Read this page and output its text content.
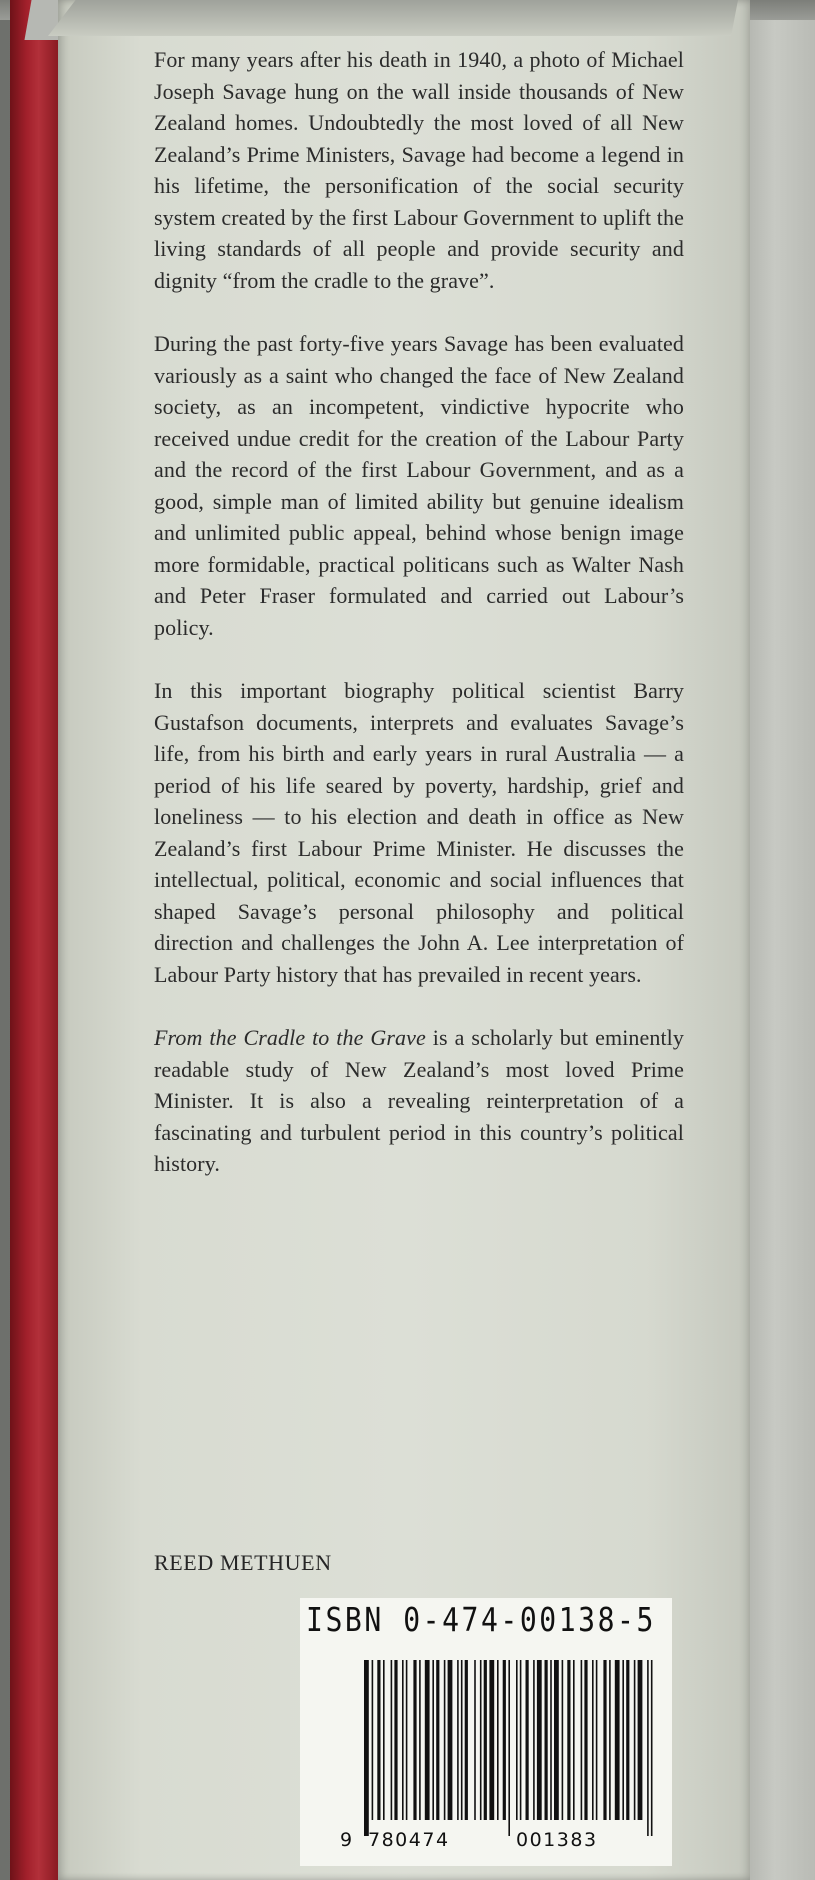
For many years after his death in 1940, a photo of Michael Joseph Savage hung on the wall inside thousands of New Zealand homes. Undoubtedly the most loved of all New Zealand’s Prime Ministers, Savage had become a legend in his lifetime, the personification of the social security system created by the first Labour Government to uplift the living standards of all people and provide security and dignity “from the cradle to the grave”.

During the past forty-five years Savage has been evaluated variously as a saint who changed the face of New Zealand society, as an incompetent, vindictive hypocrite who received undue credit for the creation of the Labour Party and the record of the first Labour Government, and as a good, simple man of limited ability but genuine idealism and unlimited public appeal, behind whose benign image more formidable, practical politicans such as Walter Nash and Peter Fraser formulated and carried out Labour’s policy.

In this important biography political scientist Barry Gustafson documents, interprets and evaluates Savage’s life, from his birth and early years in rural Australia — a period of his life seared by poverty, hardship, grief and loneliness — to his election and death in office as New Zealand’s first Labour Prime Minister. He discusses the intellectual, political, economic and social influences that shaped Savage’s personal philosophy and political direction and challenges the John A. Lee interpretation of Labour Party history that has prevailed in recent years.

From the Cradle to the Grave is a scholarly but eminently readable study of New Zealand’s most loved Prime Minister. It is also a revealing reinterpretation of a fascinating and turbulent period in this country’s political history.

REED METHUEN
ISBN 0-474-00138-5
9 780474	001383
